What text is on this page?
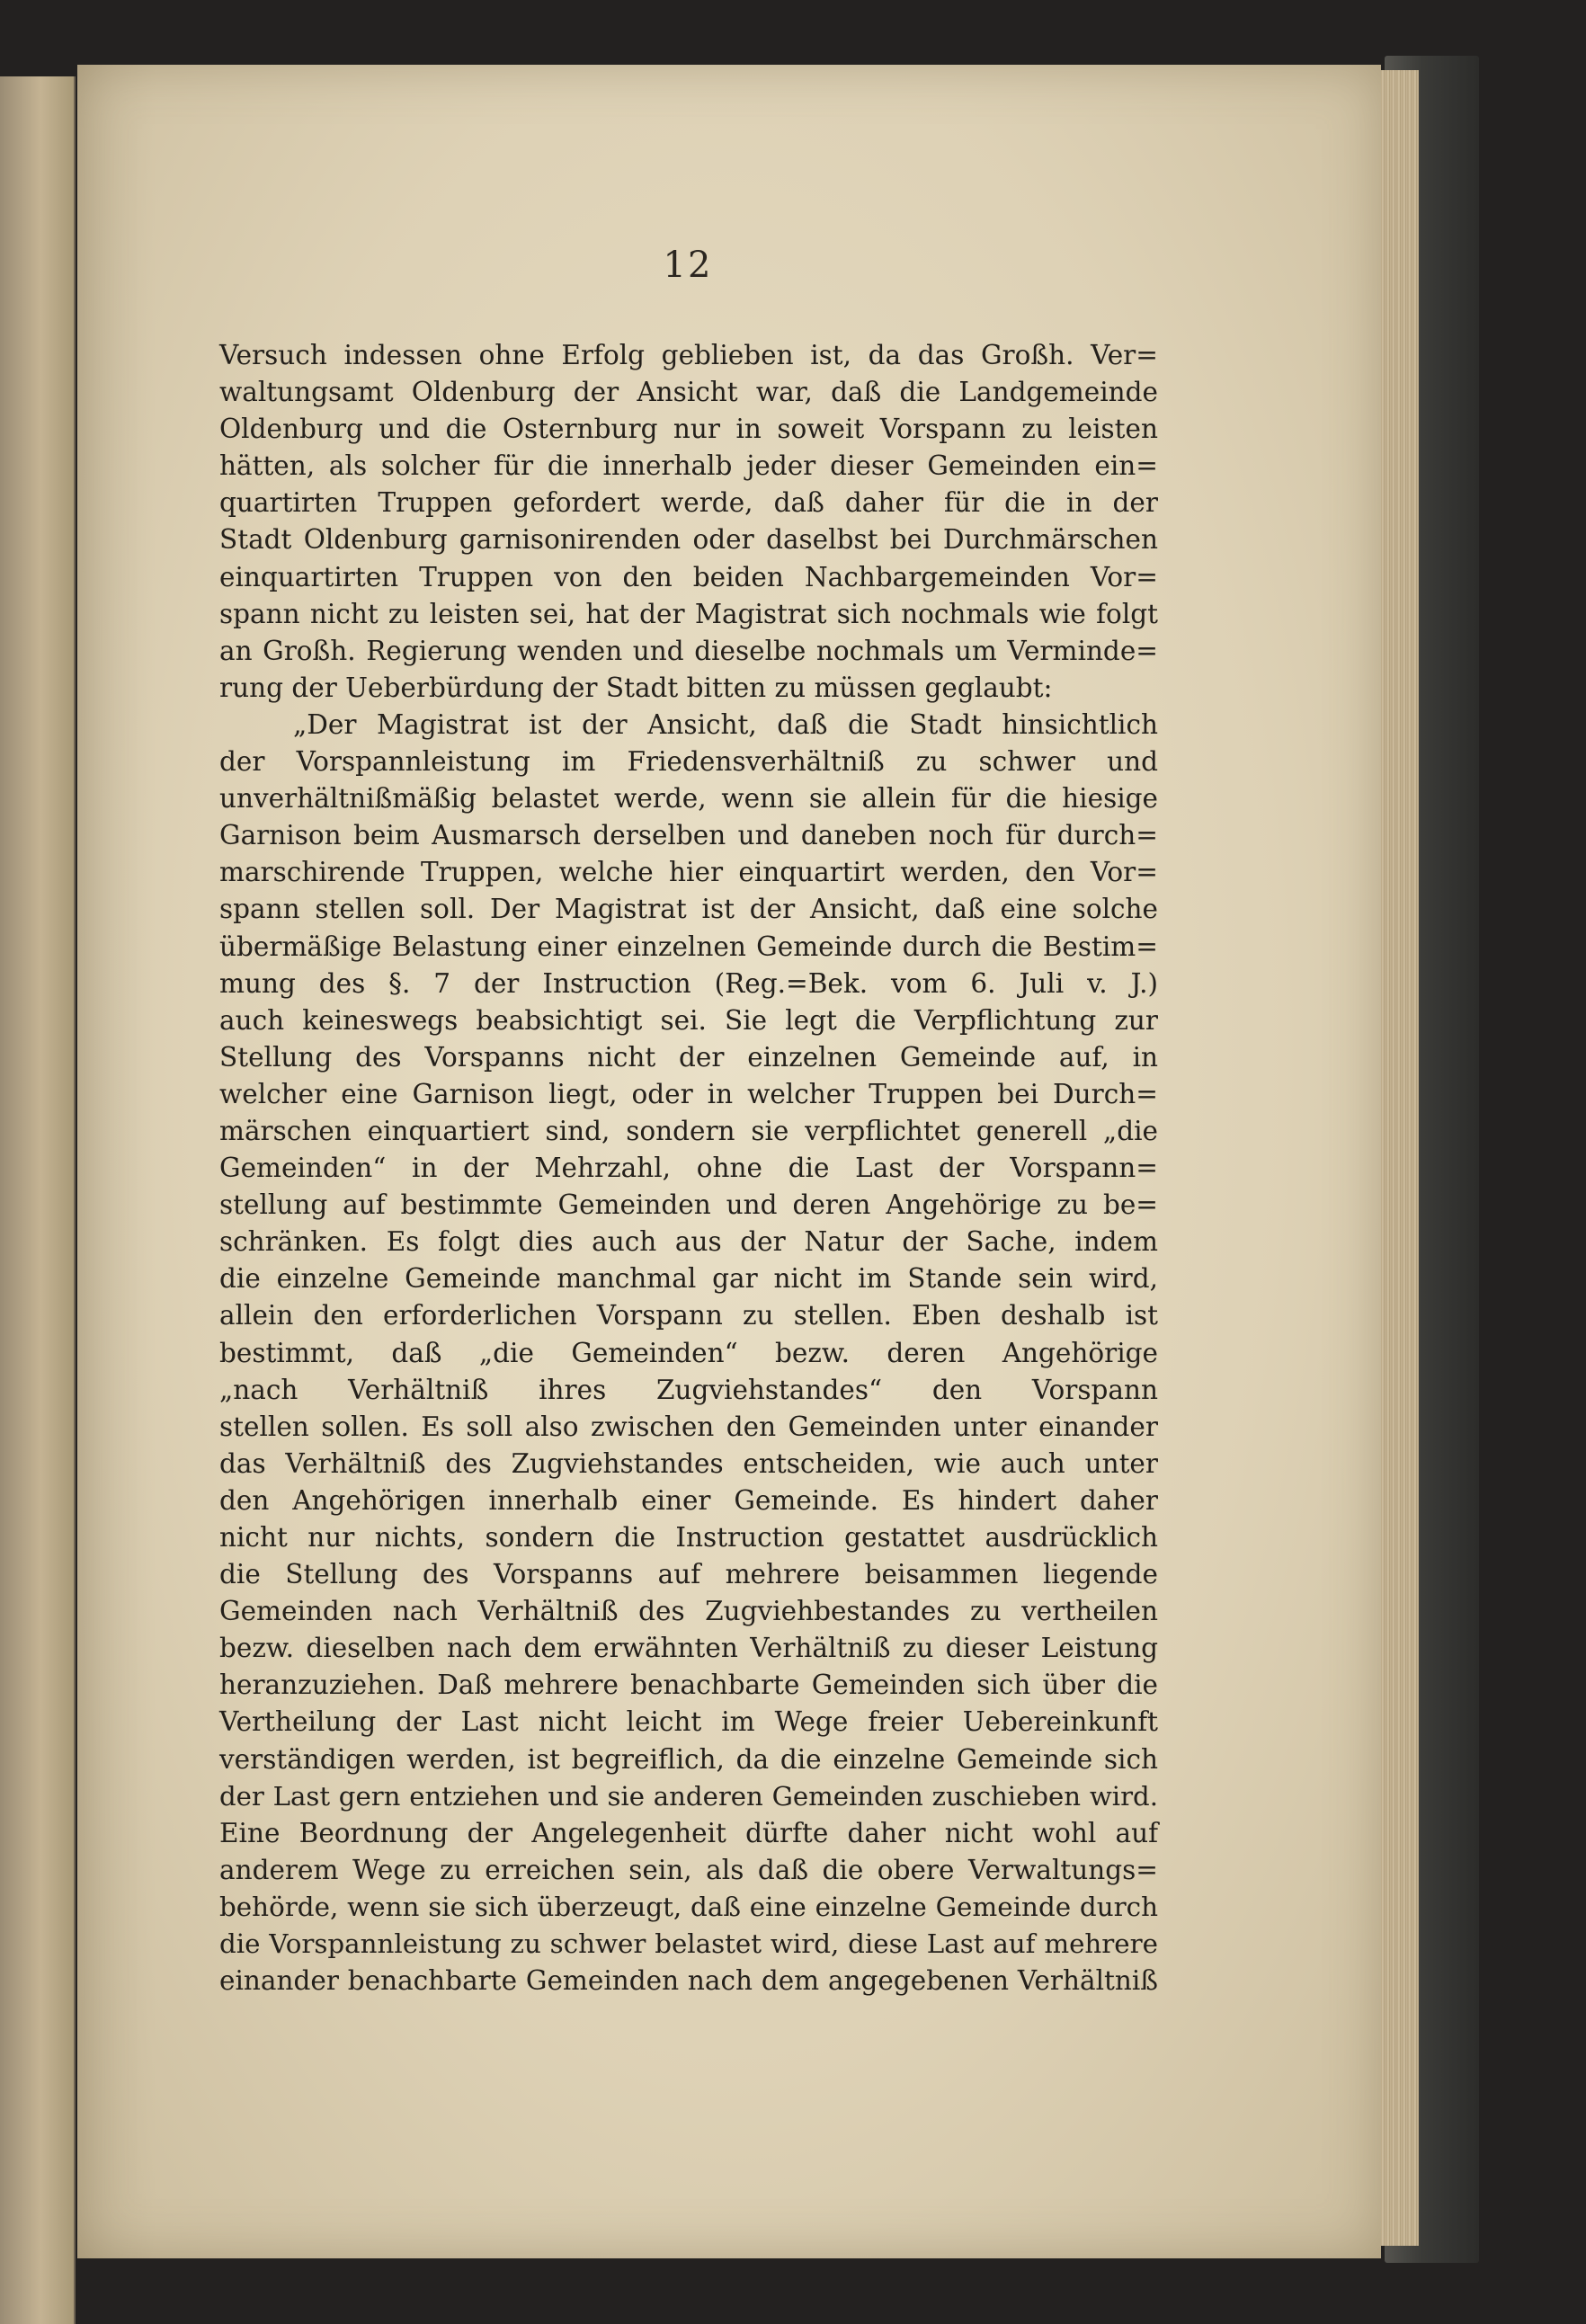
12
Versuch indessen ohne Erfolg geblieben ist, da das Großh. Ver=
waltungsamt Oldenburg der Ansicht war, daß die Landgemeinde
Oldenburg und die Osternburg nur in soweit Vorspann zu leisten
hätten, als solcher für die innerhalb jeder dieser Gemeinden ein=
quartirten Truppen gefordert werde, daß daher für die in der
Stadt Oldenburg garnisonirenden oder daselbst bei Durchmärschen
einquartirten Truppen von den beiden Nachbargemeinden Vor=
spann nicht zu leisten sei, hat der Magistrat sich nochmals wie folgt
an Großh. Regierung wenden und dieselbe nochmals um Verminde=
rung der Ueberbürdung der Stadt bitten zu müssen geglaubt:
„Der Magistrat ist der Ansicht, daß die Stadt hinsichtlich
der Vorspannleistung im Friedensverhältniß zu schwer und
unverhältnißmäßig belastet werde, wenn sie allein für die hiesige
Garnison beim Ausmarsch derselben und daneben noch für durch=
marschirende Truppen, welche hier einquartirt werden, den Vor=
spann stellen soll. Der Magistrat ist der Ansicht, daß eine solche
übermäßige Belastung einer einzelnen Gemeinde durch die Bestim=
mung des §. 7 der Instruction (Reg.=Bek. vom 6. Juli v. J.)
auch keineswegs beabsichtigt sei. Sie legt die Verpflichtung zur
Stellung des Vorspanns nicht der einzelnen Gemeinde auf, in
welcher eine Garnison liegt, oder in welcher Truppen bei Durch=
märschen einquartiert sind, sondern sie verpflichtet generell „die
Gemeinden“ in der Mehrzahl, ohne die Last der Vorspann=
stellung auf bestimmte Gemeinden und deren Angehörige zu be=
schränken. Es folgt dies auch aus der Natur der Sache, indem
die einzelne Gemeinde manchmal gar nicht im Stande sein wird,
allein den erforderlichen Vorspann zu stellen. Eben deshalb ist
bestimmt, daß „die Gemeinden“ bezw. deren Angehörige
„nach Verhältniß ihres Zugviehstandes“ den Vorspann
stellen sollen. Es soll also zwischen den Gemeinden unter einander
das Verhältniß des Zugviehstandes entscheiden, wie auch unter
den Angehörigen innerhalb einer Gemeinde. Es hindert daher
nicht nur nichts, sondern die Instruction gestattet ausdrücklich
die Stellung des Vorspanns auf mehrere beisammen liegende
Gemeinden nach Verhältniß des Zugviehbestandes zu vertheilen
bezw. dieselben nach dem erwähnten Verhältniß zu dieser Leistung
heranzuziehen. Daß mehrere benachbarte Gemeinden sich über die
Vertheilung der Last nicht leicht im Wege freier Uebereinkunft
verständigen werden, ist begreiflich, da die einzelne Gemeinde sich
der Last gern entziehen und sie anderen Gemeinden zuschieben wird.
Eine Beordnung der Angelegenheit dürfte daher nicht wohl auf
anderem Wege zu erreichen sein, als daß die obere Verwaltungs=
behörde, wenn sie sich überzeugt, daß eine einzelne Gemeinde durch
die Vorspannleistung zu schwer belastet wird, diese Last auf mehrere
einander benachbarte Gemeinden nach dem angegebenen Verhältniß
